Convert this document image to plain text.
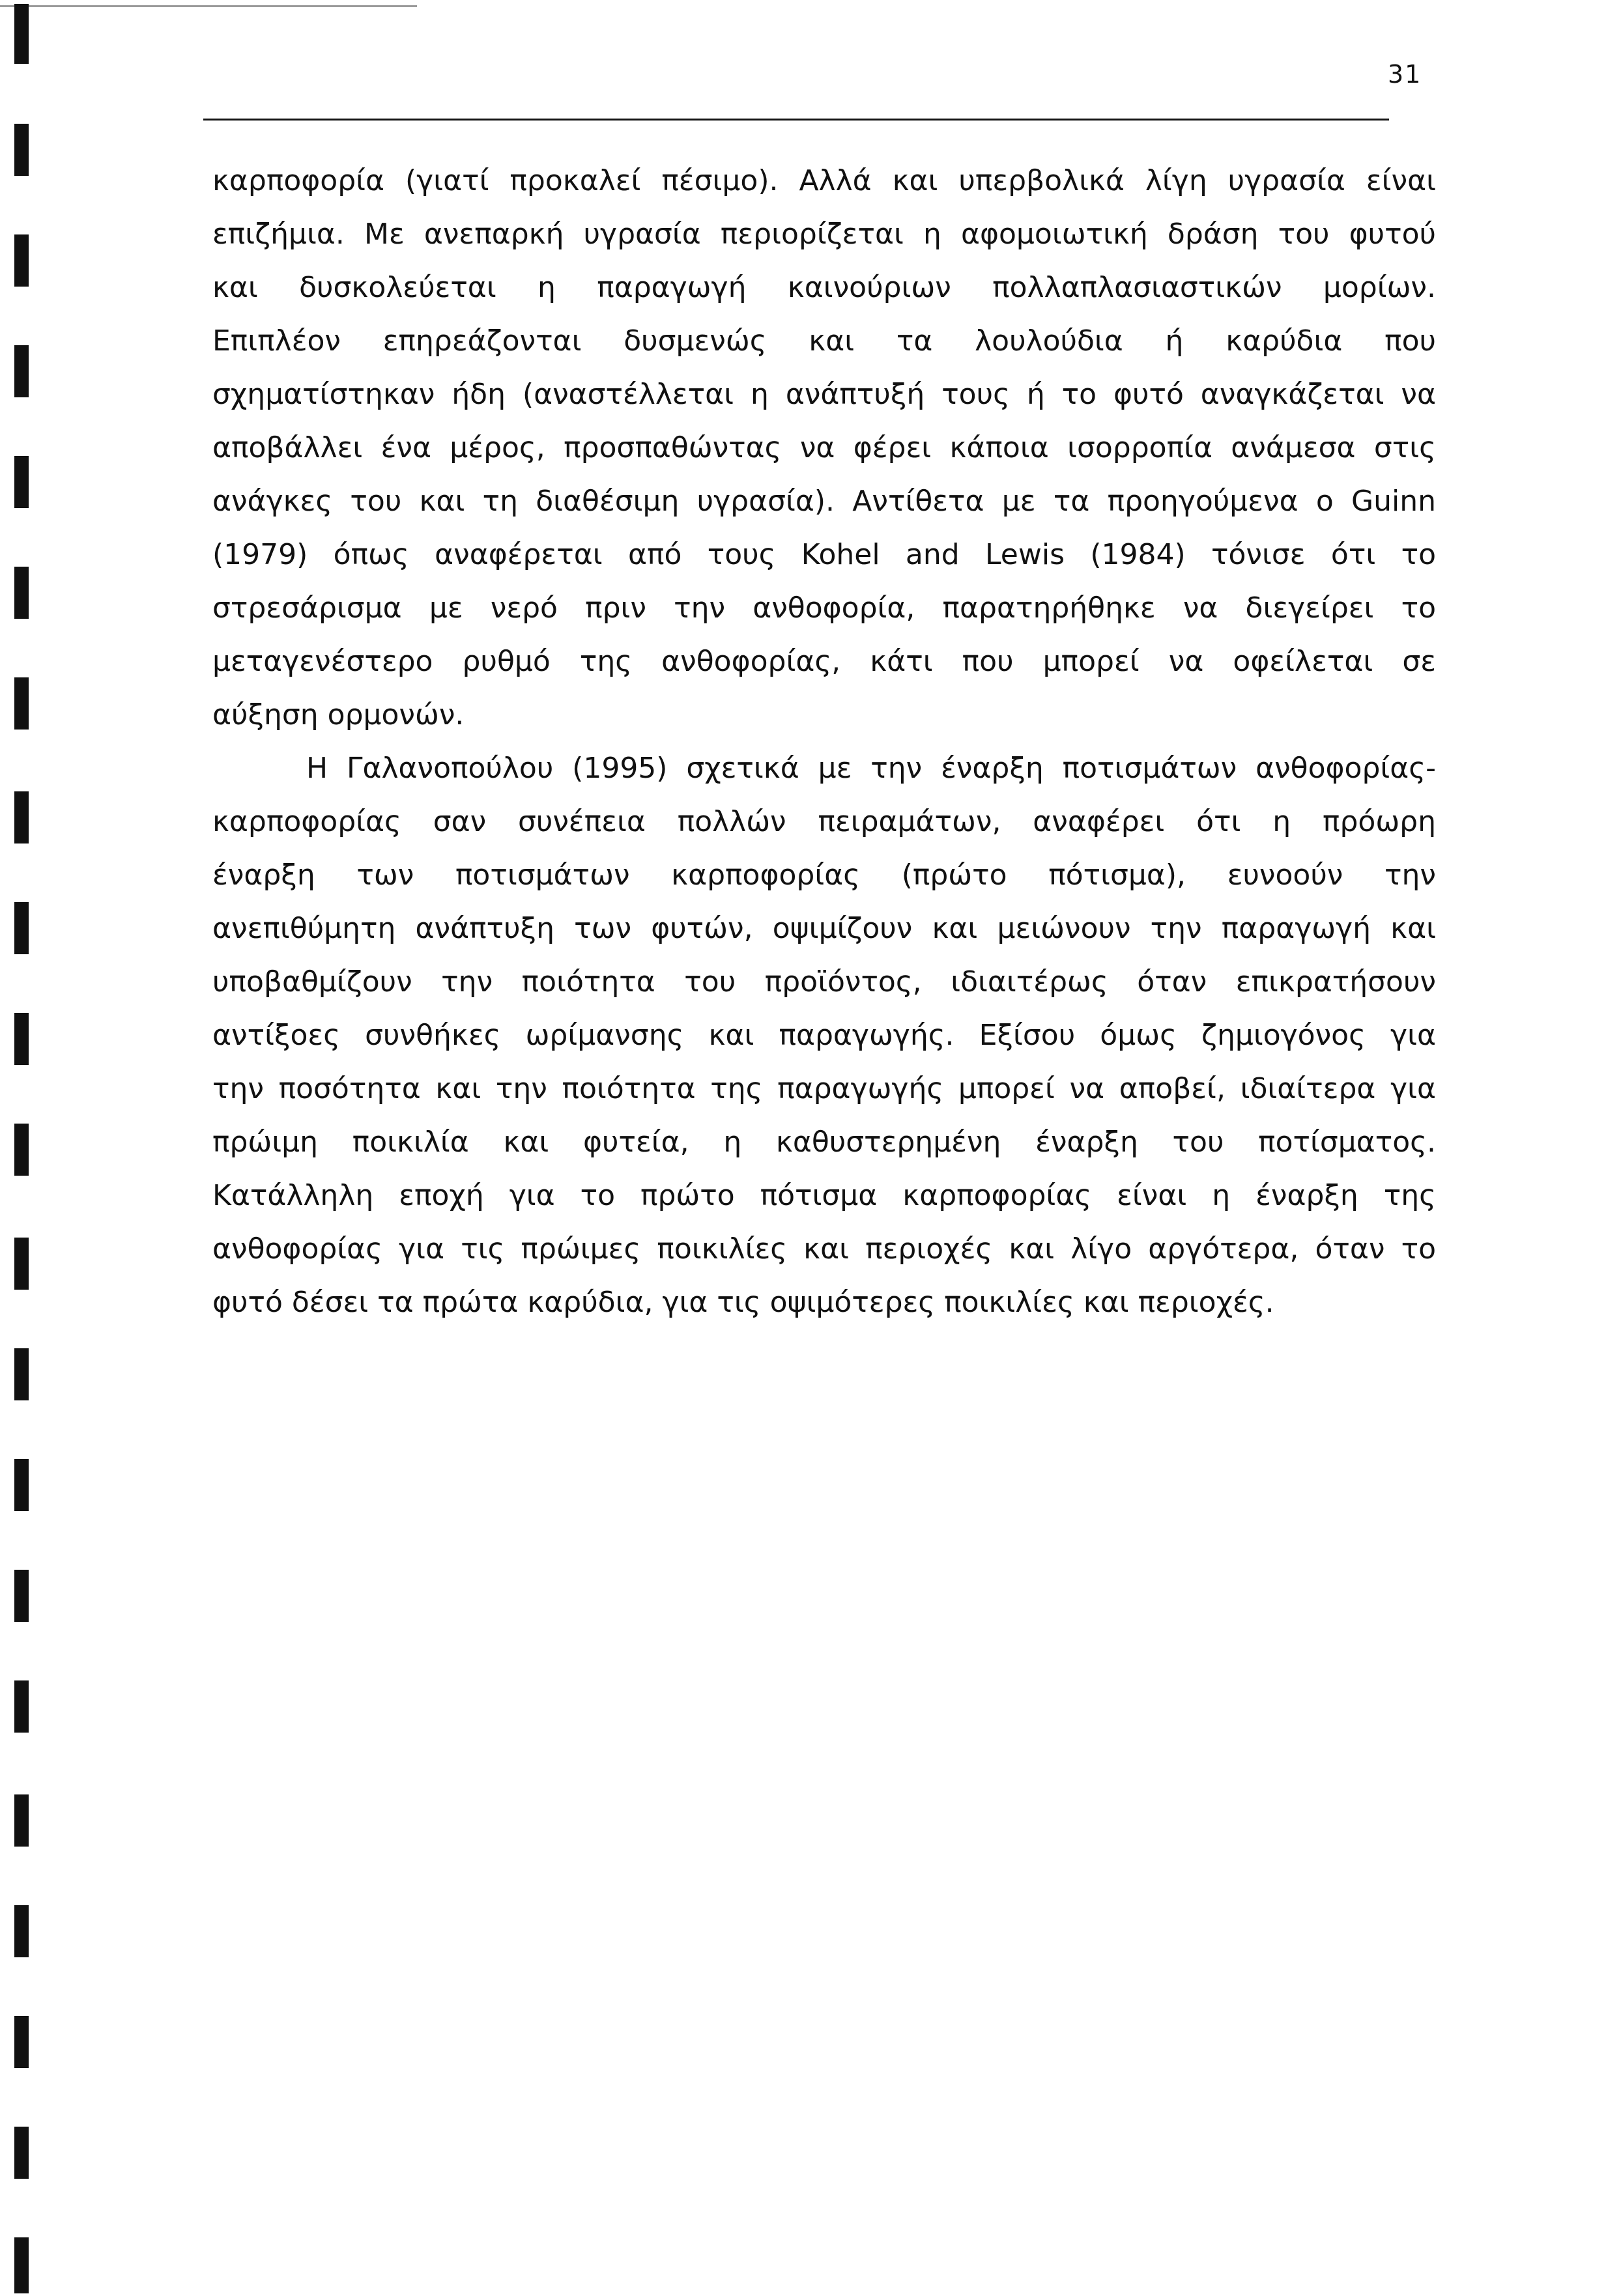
31
καρποφορία (γιατί προκαλεί πέσιμο). Αλλά και υπερβολικά λίγη υγρασία είναι
επιζήμια. Με ανεπαρκή υγρασία περιορίζεται η αφομοιωτική δράση του φυτού
και δυσκολεύεται η παραγωγή καινούριων πολλαπλασιαστικών μορίων.
Επιπλέον επηρεάζονται δυσμενώς και τα λουλούδια ή καρύδια που
σχηματίστηκαν ήδη (αναστέλλεται η ανάπτυξή τους ή το φυτό αναγκάζεται να
αποβάλλει ένα μέρος, προσπαθώντας να φέρει κάποια ισορροπία ανάμεσα στις
ανάγκες του και τη διαθέσιμη υγρασία). Αντίθετα με τα προηγούμενα ο Guinn
(1979) όπως αναφέρεται από τους Kohel and Lewis (1984) τόνισε ότι το
στρεσάρισμα με νερό πριν την ανθοφορία, παρατηρήθηκε να διεγείρει το
μεταγενέστερο ρυθμό της ανθοφορίας, κάτι που μπορεί να οφείλεται σε
αύξηση ορμονών.
Η Γαλανοπούλου (1995) σχετικά με την έναρξη ποτισμάτων ανθοφορίας-
καρποφορίας σαν συνέπεια πολλών πειραμάτων, αναφέρει ότι η πρόωρη
έναρξη των ποτισμάτων καρποφορίας (πρώτο πότισμα), ευνοούν την
ανεπιθύμητη ανάπτυξη των φυτών, οψιμίζουν και μειώνουν την παραγωγή και
υποβαθμίζουν την ποιότητα του προϊόντος, ιδιαιτέρως όταν επικρατήσουν
αντίξοες συνθήκες ωρίμανσης και παραγωγής. Εξίσου όμως ζημιογόνος για
την ποσότητα και την ποιότητα της παραγωγής μπορεί να αποβεί, ιδιαίτερα για
πρώιμη ποικιλία και φυτεία, η καθυστερημένη έναρξη του ποτίσματος.
Κατάλληλη εποχή για το πρώτο πότισμα καρποφορίας είναι η έναρξη της
ανθοφορίας για τις πρώιμες ποικιλίες και περιοχές και λίγο αργότερα, όταν το
φυτό δέσει τα πρώτα καρύδια, για τις οψιμότερες ποικιλίες και περιοχές.
